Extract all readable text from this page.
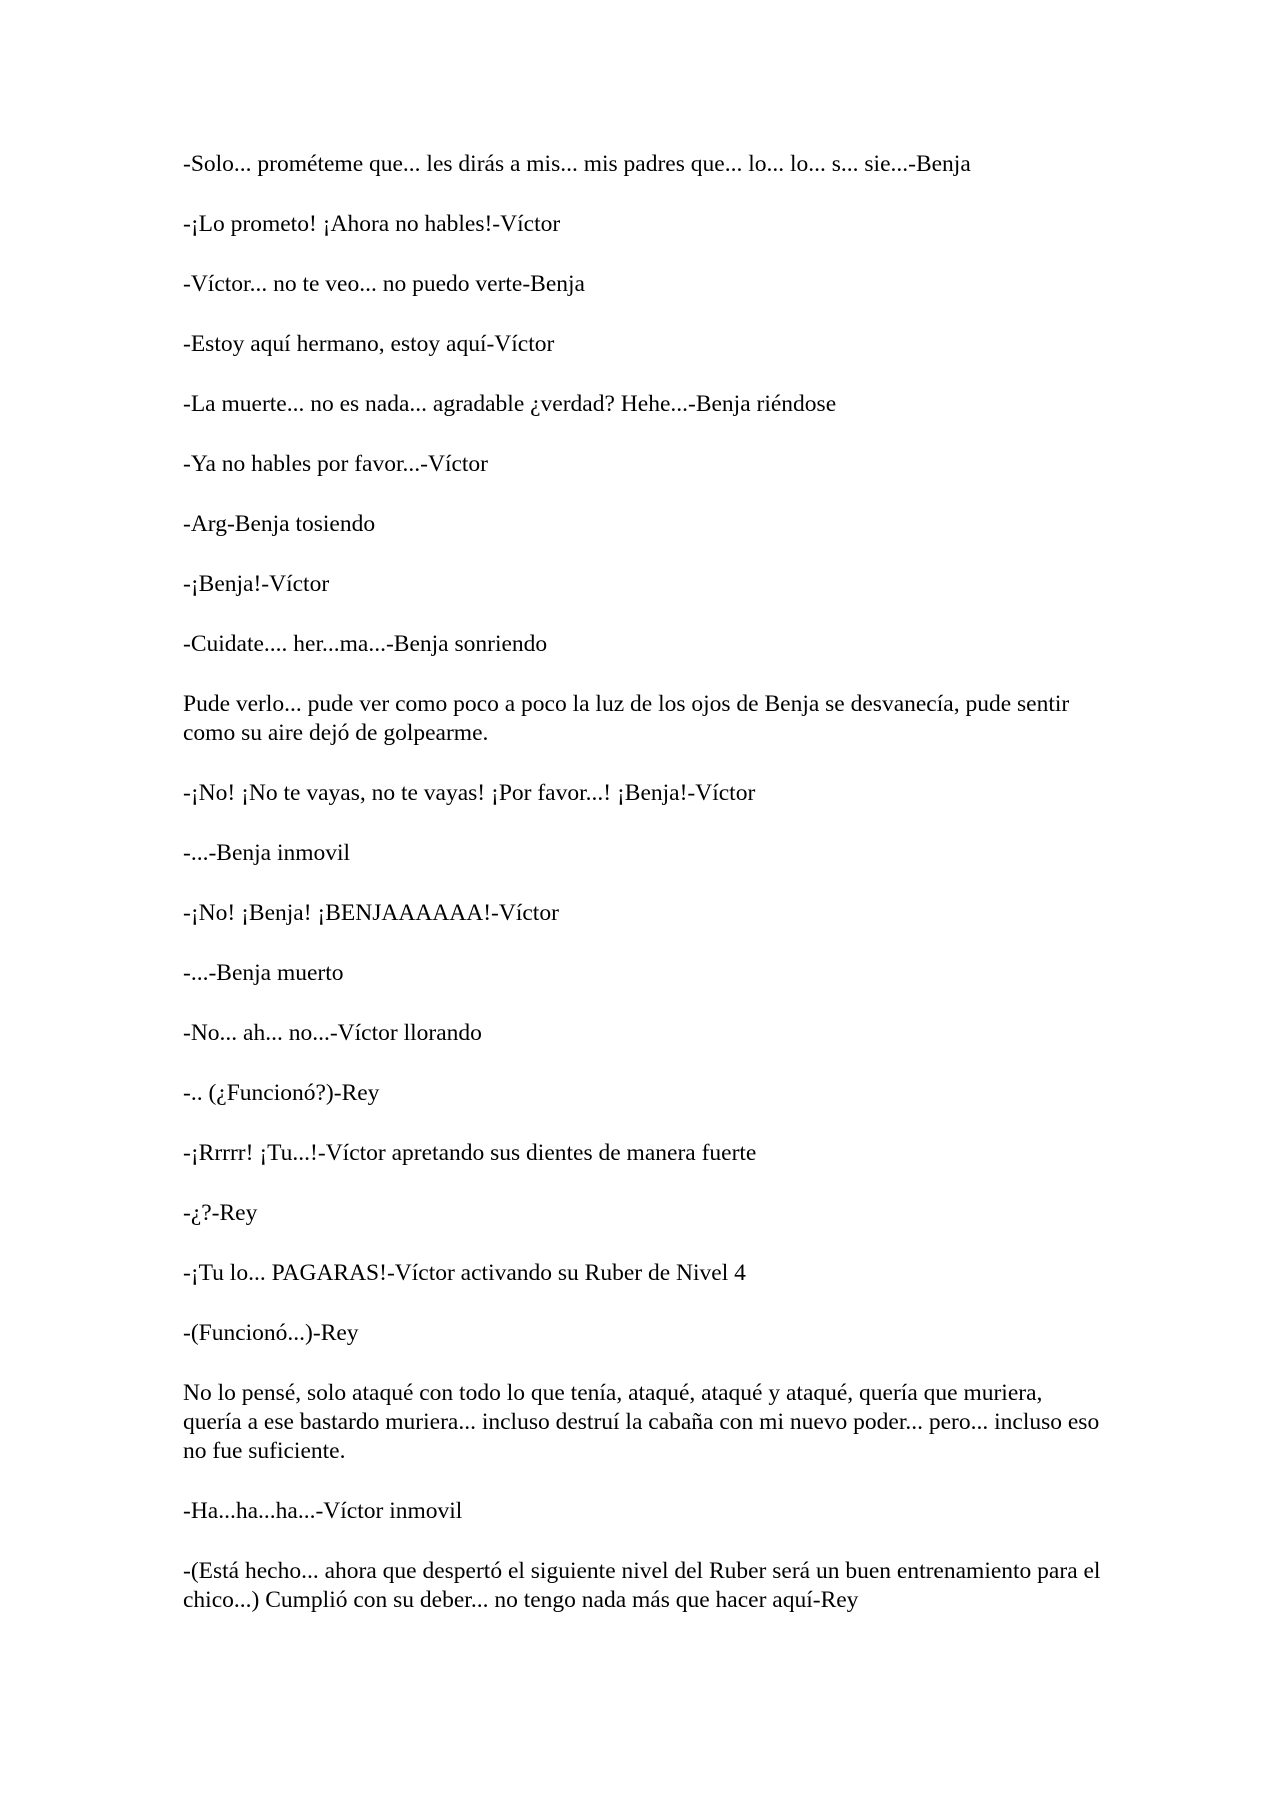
-Solo... prométeme que... les dirás a mis... mis padres que... lo... lo... s... sie...-Benja

-¡Lo prometo! ¡Ahora no hables!-Víctor

-Víctor... no te veo... no puedo verte-Benja

-Estoy aquí hermano, estoy aquí-Víctor

-La muerte... no es nada... agradable ¿verdad? Hehe...-Benja riéndose

-Ya no hables por favor...-Víctor

-Arg-Benja tosiendo

-¡Benja!-Víctor

-Cuidate.... her...ma...-Benja sonriendo

Pude verlo... pude ver como poco a poco la luz de los ojos de Benja se desvanecía, pude sentir como su aire dejó de golpearme.

-¡No! ¡No te vayas, no te vayas! ¡Por favor...! ¡Benja!-Víctor

-...-Benja inmovil

-¡No! ¡Benja! ¡BENJAAAAAA!-Víctor

-...-Benja muerto

-No... ah... no...-Víctor llorando

-.. (¿Funcionó?)-Rey

-¡Rrrrr! ¡Tu...!-Víctor apretando sus dientes de manera fuerte

-¿?-Rey

-¡Tu lo... PAGARAS!-Víctor activando su Ruber de Nivel 4

-(Funcionó...)-Rey

No lo pensé, solo ataqué con todo lo que tenía, ataqué, ataqué y ataqué, quería que muriera, quería a ese bastardo muriera... incluso destruí la cabaña con mi nuevo poder... pero... incluso eso no fue suficiente.

-Ha...ha...ha...-Víctor inmovil

-(Está hecho... ahora que despertó el siguiente nivel del Ruber será un buen entrenamiento para el chico...) Cumplió con su deber... no tengo nada más que hacer aquí-Rey
